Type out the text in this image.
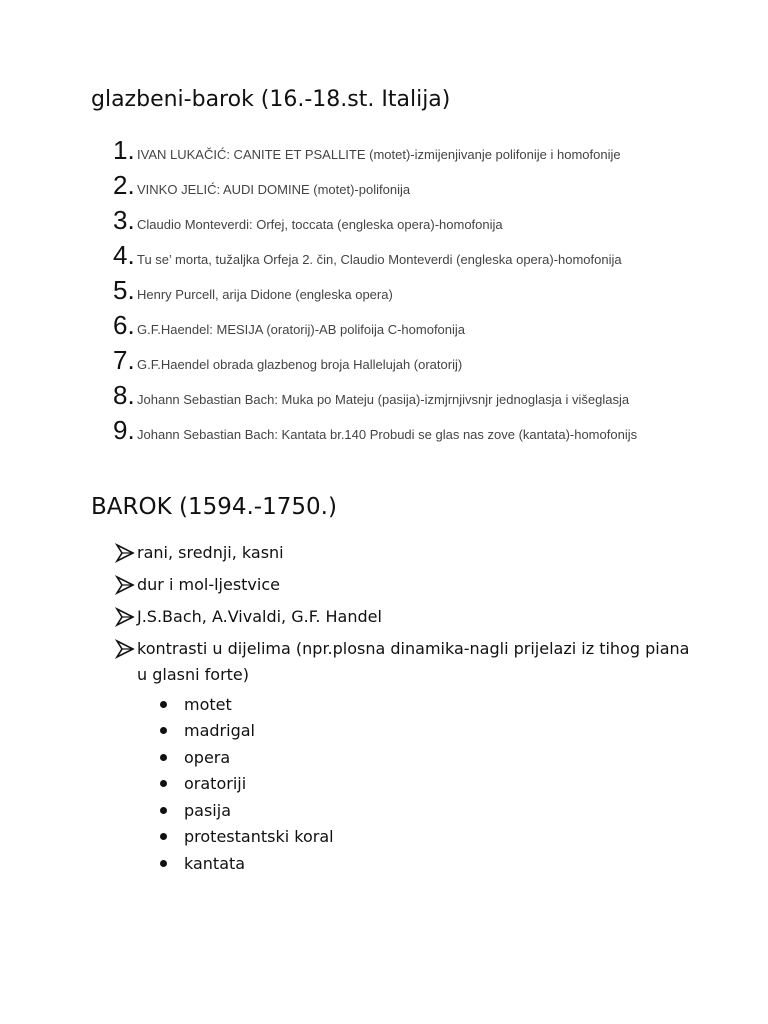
glazbeni-barok (16.-18.st. Italija)
1. IVAN LUKAČIĆ: CANITE ET PSALLITE (motet)-izmijenjivanje polifonije i homofonije
2. VINKO JELIĆ: AUDI DOMINE (motet)-polifonija
3. Claudio Monteverdi: Orfej, toccata (engleska opera)-homofonija
4. Tu se’ morta, tužaljka Orfeja 2. čin, Claudio Monteverdi (engleska opera)-homofonija
5. Henry Purcell, arija Didone (engleska opera)
6. G.F.Haendel: MESIJA (oratorij)-AB polifoija C-homofonija
7. G.F.Haendel obrada glazbenog broja Hallelujah (oratorij)
8. Johann Sebastian Bach: Muka po Mateju (pasija)-izmjrnjivsnjr jednoglasja i višeglasja
9. Johann Sebastian Bach: Kantata br.140 Probudi se glas nas zove (kantata)-homofonijs
BAROK (1594.-1750.)
rani, srednji, kasni
dur i mol-ljestvice
J.S.Bach, A.Vivaldi, G.F. Handel
kontrasti u dijelima (npr.plosna dinamika-nagli prijelazi iz tihog piana u glasni forte)
motet
madrigal
opera
oratoriji
pasija
protestantski koral
kantata
